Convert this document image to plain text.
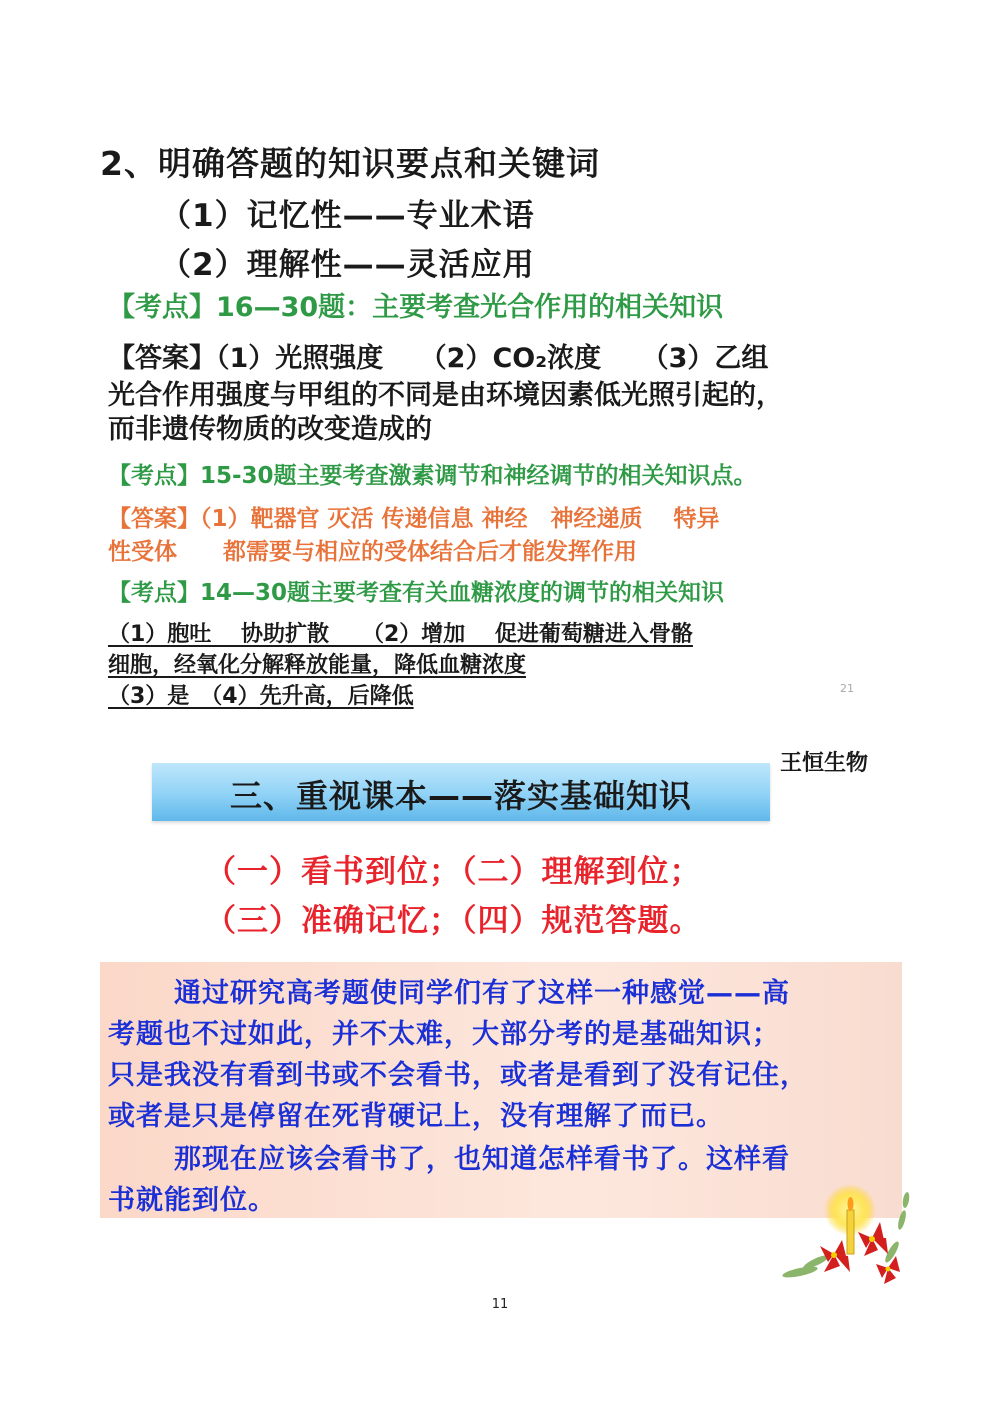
2、明确答题的知识要点和关键词
（1）记忆性——专业术语
（2）理解性——灵活应用
【考点】16—30题：主要考查光合作用的相关知识
【答案】（1）光照强度　 （2）CO₂浓度　　（3）乙组
光合作用强度与甲组的不同是由环境因素低光照引起的，
而非遗传物质的改变造成的
【考点】15-30题主要考查激素调节和神经调节的相关知识点。
【答案】（1）靶器官 灭活 传递信息 神经　神经递质　 特异
性受体　　都需要与相应的受体结合后才能发挥作用
【考点】14—30题主要考查有关血糖浓度的调节的相关知识
（1）胞吐　 协助扩散　　（2）增加　 促进葡萄糖进入骨骼
细胞，经氧化分解释放能量，降低血糖浓度
（3）是　（4）先升高，后降低	21
王恒生物
三、重视课本——落实基础知识
（一）看书到位；（二）理解到位；
（三）准确记忆；（四）规范答题。
通过研究高考题使同学们有了这样一种感觉——高
考题也不过如此，并不太难，大部分考的是基础知识；
只是我没有看到书或不会看书，或者是看到了没有记住，
或者是只是停留在死背硬记上，没有理解了而已。
那现在应该会看书了，也知道怎样看书了。这样看
书就能到位。
11
